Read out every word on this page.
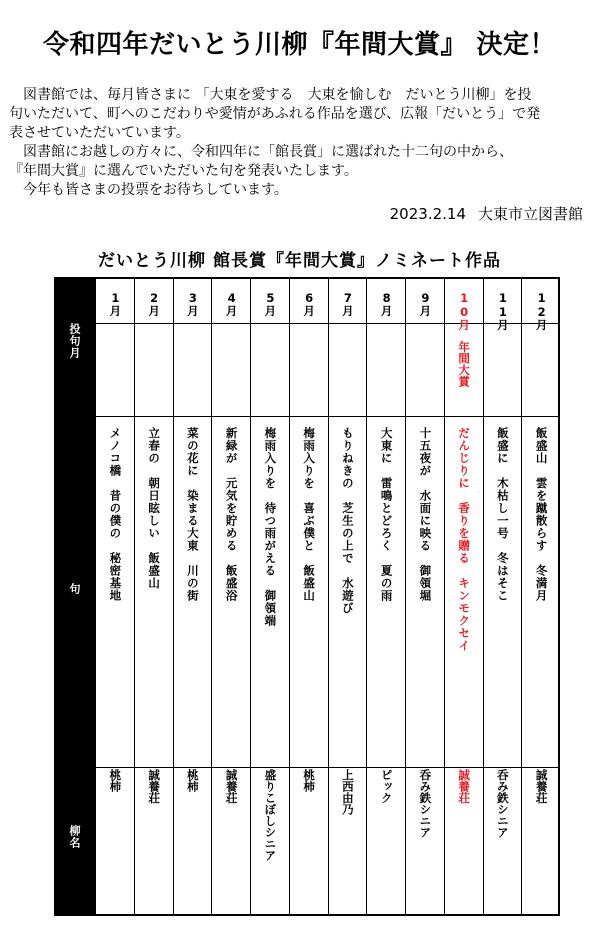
令和四年だいとう川柳『年間大賞』 決定！

　図書館では、毎月皆さまに 「大東を愛する　大東を愉しむ　だいとう川柳」を投

句いただいて、町へのこだわりや愛情があふれる作品を選び、広報「だいとう」で発

表させていただいています。

　図書館にお越しの方々に、令和四年に「館長賞」に選ばれた十二句の中から、

『年間大賞』に選んでいただいた句を発表いたします。

　今年も皆さまの投票をお待ちしています。

2023.2.14 大東市立図書館
だいとう川柳 館長賞『年間大賞』ノミネート作品
投句月
句
柳名
1月
メノコ橋　昔の僕の　秘密基地
桃柿
2月
立春の　朝日眩しい　飯盛山
誠養荘
3月
菜の花に　染まる大東　川の街
桃柿
4月
新緑が　元気を貯める　飯盛浴
誠養荘
5月
梅雨入りを　待つ雨がえる　御領端
盛りこぼしシニア
6月
梅雨入りを　喜ぶ僕と　飯盛山
桃柿
7月
もりねきの　芝生の上で　水遊び
上西由乃
8月
大東に　雷鳴とどろく　夏の雨
ピック
9月
十五夜が　水面に映る　御領堀
呑み鉄シニア
10月
年間大賞
だんじりに　香りを贈る　キンモクセイ
誠養荘
11月
飯盛に　木枯し一号　冬はそこ
呑み鉄シニア
12月
飯盛山　雲を蹴散らす　冬満月
誠養荘
